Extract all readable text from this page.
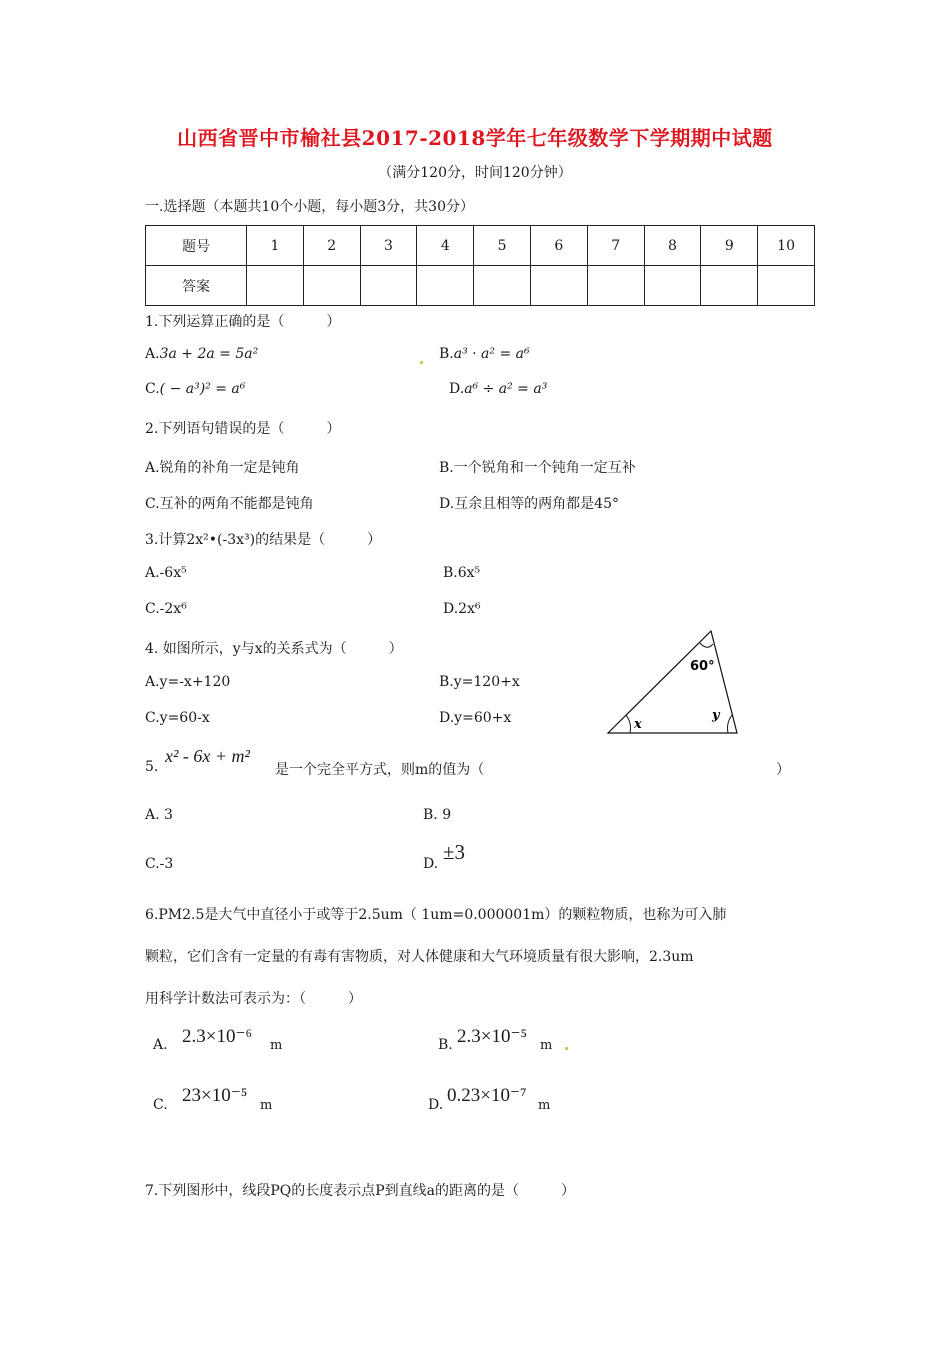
山西省晋中市榆社县2017-2018学年七年级数学下学期期中试题
（满分120分，时间120分钟）
一.选择题（本题共10个小题，每小题3分，共30分）
题号	1	2	3	4	5	6	7	8	9	10
答案										
1.下列运算正确的是（　　　）
A.3a + 2a = 5a²	B.a³ · a² = a⁶
C.( − a³)² = a⁶	D.a⁶ ÷ a² = a³
2.下列语句错误的是（　　　）
A.锐角的补角一定是钝角	B.一个锐角和一个钝角一定互补
C.互补的两角不能都是钝角	D.互余且相等的两角都是45°
3.计算2x²•(-3x³)的结果是（　　　）
A.-6x⁵	B.6x⁵
C.-2x⁶	D.2x⁶
4. 如图所示，y与x的关系式为（　　　）
A.y=-x+120	B.y=120+x
C.y=60-x	D.y=60+x
60°
x
y
5.
x² - 6x + m²
是一个完全平方式，则m的值为（	）
A. 3	B. 9
C.-3	D. ±3
6.PM2.5是大气中直径小于或等于2.5um（ 1um=0.000001m）的颗粒物质，也称为可入肺
颗粒，它们含有一定量的有毒有害物质，对人体健康和大气环境质量有很大影响，2.3um
用科学计数法可表示为：（　　　）
A. 2.3×10⁻⁶ m	B. 2.3×10⁻⁵ m
C. 23×10⁻⁵ m	D. 0.23×10⁻⁷ m
7.下列图形中，线段PQ的长度表示点P到直线a的距离的是（　　　）
